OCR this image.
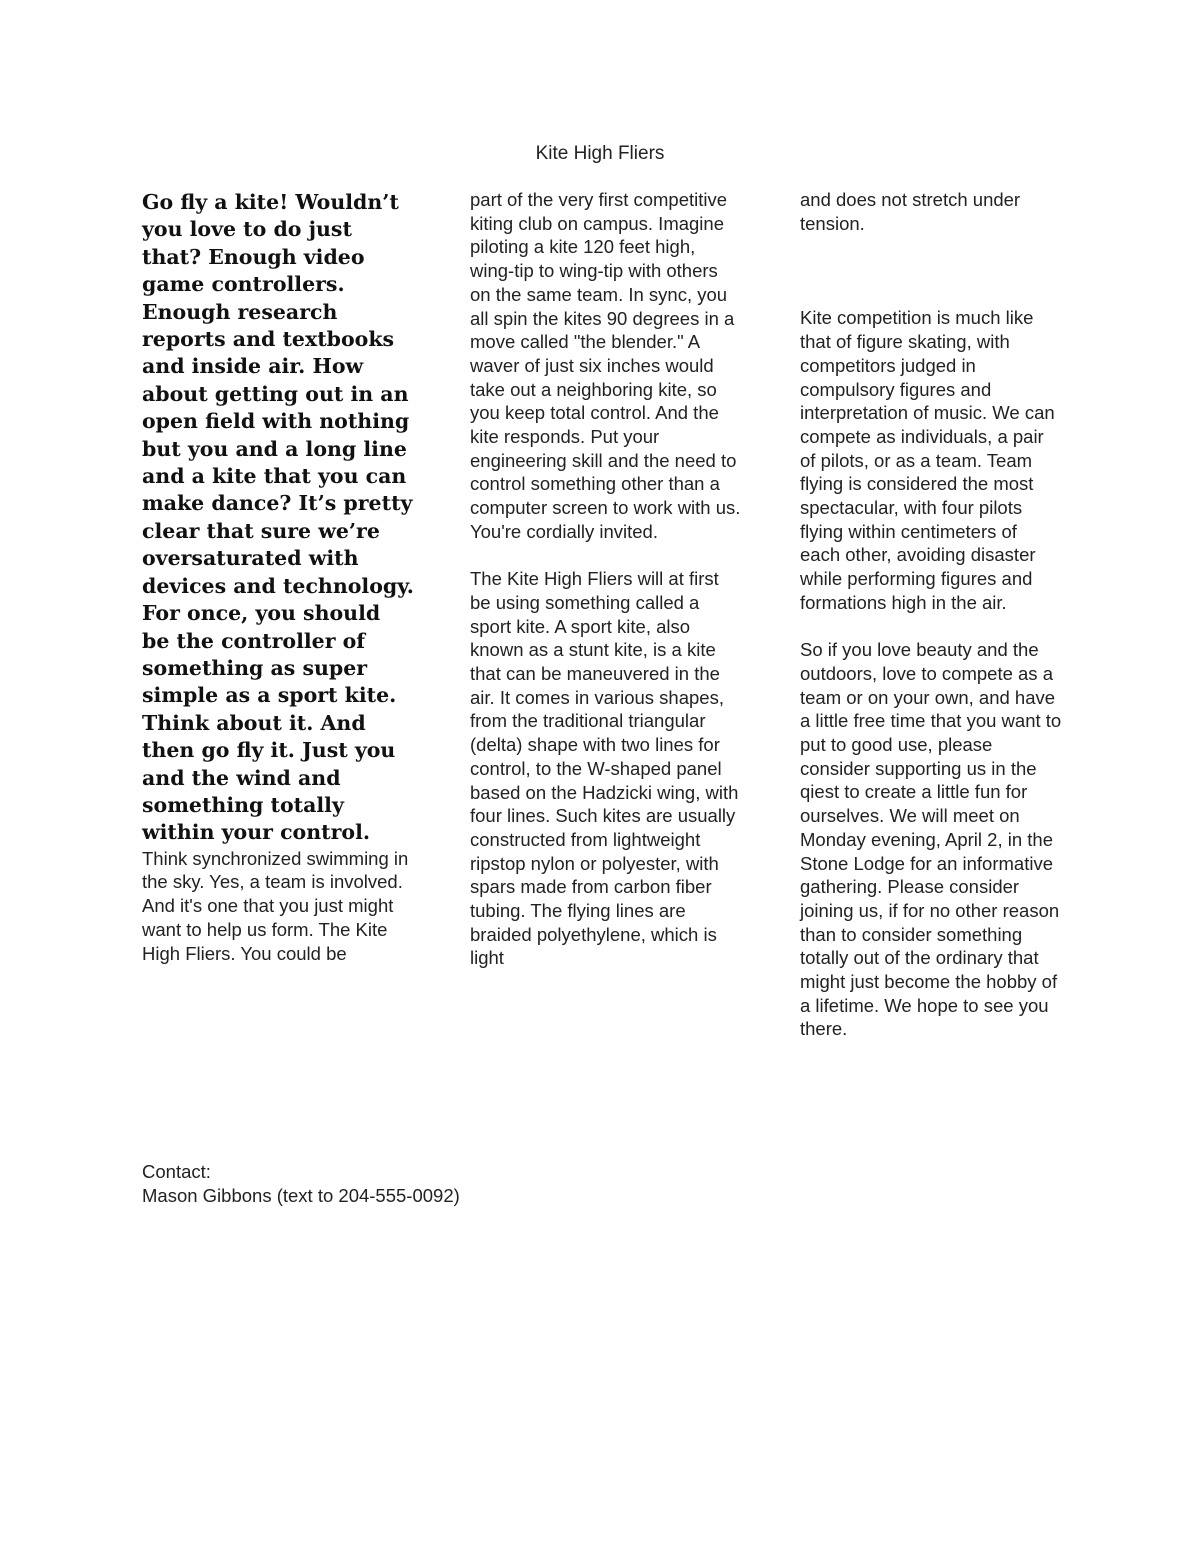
Kite High Fliers

Go fly a kite! Wouldn’t you love to do just that? Enough video game controllers. Enough research reports and textbooks and inside air. How about getting out in an open field with nothing but you and a long line and a kite that you can make dance? It’s pretty clear that sure we’re oversaturated with devices and technology. For once, you should be the controller of something as super simple as a sport kite. Think about it. And then go fly it. Just you and the wind and something totally within your control.

Think synchronized swimming in the sky. Yes, a team is involved. And it's one that you just might want to help us form. The Kite High Fliers. You could be

part of the very first competitive kiting club on campus. Imagine piloting a kite 120 feet high, wing-tip to wing-tip with others on the same team. In sync, you all spin the kites 90 degrees in a move called "the blender." A waver of just six inches would take out a neighboring kite, so you keep total control. And the kite responds. Put your engineering skill and the need to control something other than a computer screen to work with us. You're cordially invited.

The Kite High Fliers will at first be using something called a sport kite. A sport kite, also known as a stunt kite, is a kite that can be maneuvered in the air. It comes in various shapes, from the traditional triangular (delta) shape with two lines for control, to the W-shaped panel based on the Hadzicki wing, with four lines. Such kites are usually constructed from lightweight ripstop nylon or polyester, with spars made from carbon fiber tubing. The flying lines are braided polyethylene, which is light

and does not stretch under tension.

Kite competition is much like that of figure skating, with competitors judged in compulsory figures and interpretation of music. We can compete as individuals, a pair of pilots, or as a team. Team flying is considered the most spectacular, with four pilots flying within centimeters of each other, avoiding disaster while performing figures and formations high in the air.

So if you love beauty and the outdoors, love to compete as a team or on your own, and have a little free time that you want to put to good use, please consider supporting us in the qiest to create a little fun for ourselves. We will meet on Monday evening, April 2, in the Stone Lodge for an informative gathering. Please consider joining us, if for no other reason than to consider something totally out of the ordinary that might just become the hobby of a lifetime. We hope to see you there.

Contact:
Mason Gibbons (text to 204-555-0092)
